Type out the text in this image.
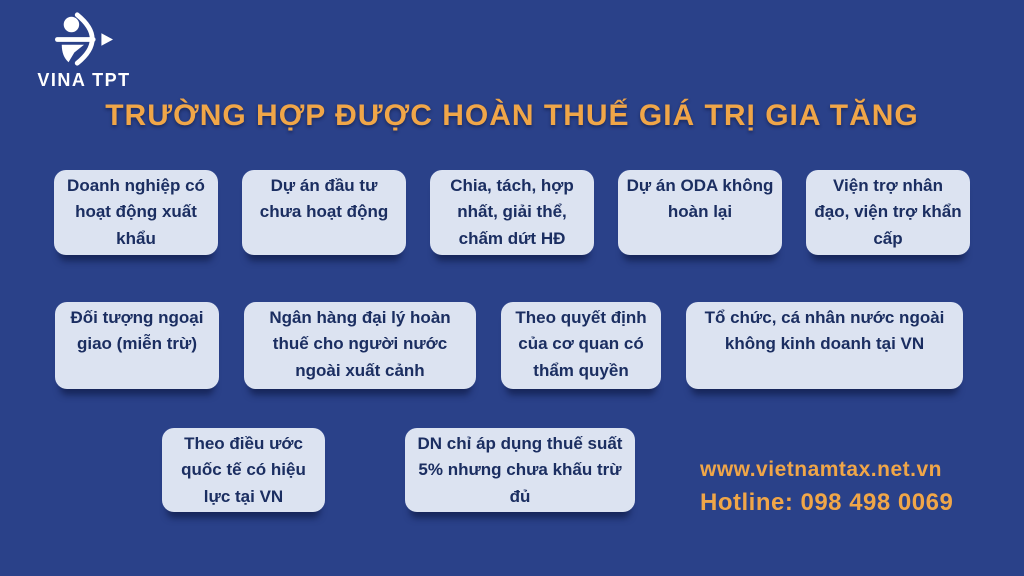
VINA TPT
TRƯỜNG HỢP ĐƯỢC HOÀN THUẾ GIÁ TRỊ GIA TĂNG
Doanh nghiệp có hoạt động xuất khẩu
Dự án đầu tư chưa hoạt động
Chia, tách, hợp nhất, giải thể, chấm dứt HĐ
Dự án ODA không hoàn lại
Viện trợ nhân đạo, viện trợ khẩn cấp
Đối tượng ngoại giao (miễn trừ)
Ngân hàng đại lý hoàn thuế cho người nước ngoài xuất cảnh
Theo quyết định của cơ quan có thẩm quyền
Tổ chức, cá nhân nước ngoài không kinh doanh tại VN
Theo điều ước quốc tế có hiệu lực tại VN
DN chỉ áp dụng thuế suất 5% nhưng chưa khấu trừ đủ
www.vietnamtax.net.vn
Hotline: 098 498 0069
